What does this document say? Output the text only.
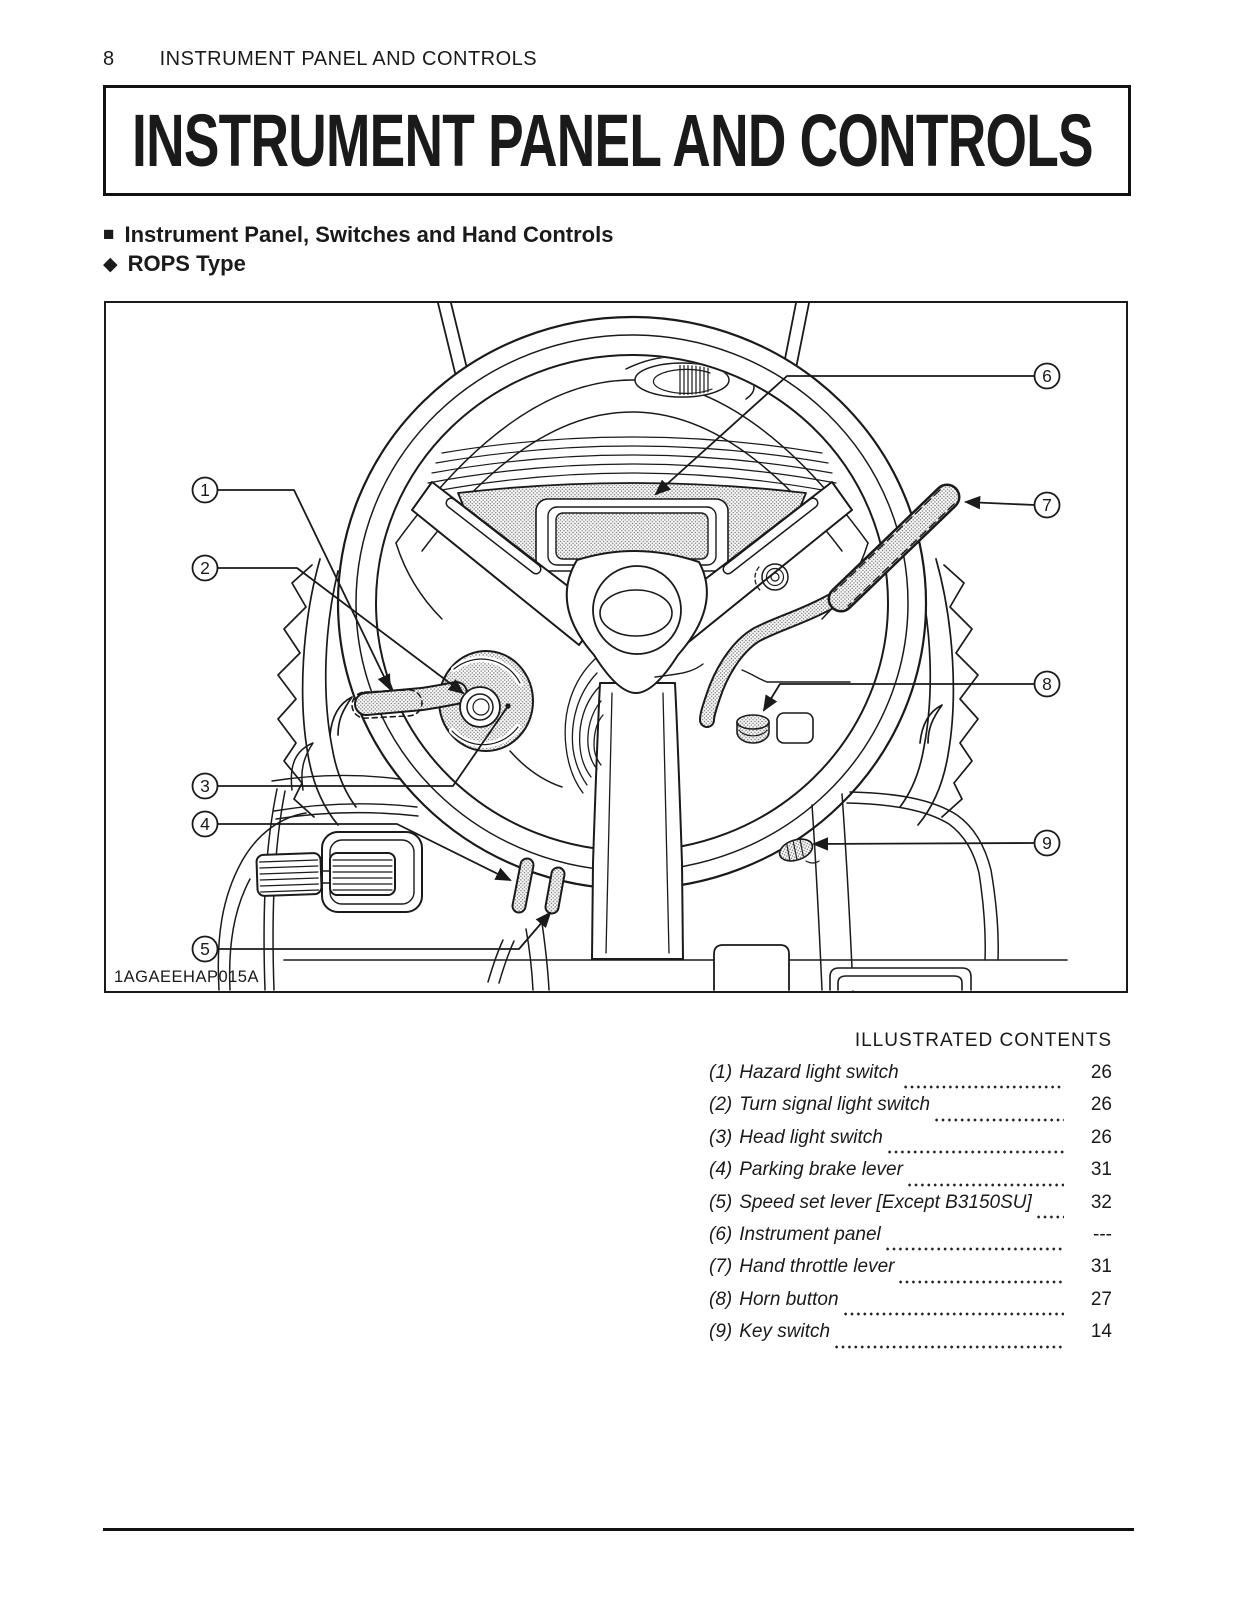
8 INSTRUMENT PANEL AND CONTROLS
INSTRUMENT PANEL AND CONTROLS
■ Instrument Panel, Switches and Hand Controls
◆ ROPS Type
1
2
3
4
5
6
7
8
9
1AGAEEHAP015A
ILLUSTRATED CONTENTS
(1) Hazard light switch	26
(2) Turn signal light switch	26
(3) Head light switch	26
(4) Parking brake lever	31
(5) Speed set lever [Except B3150SU]	32
(6) Instrument panel	---
(7) Hand throttle lever	31
(8) Horn button	27
(9) Key switch	14
